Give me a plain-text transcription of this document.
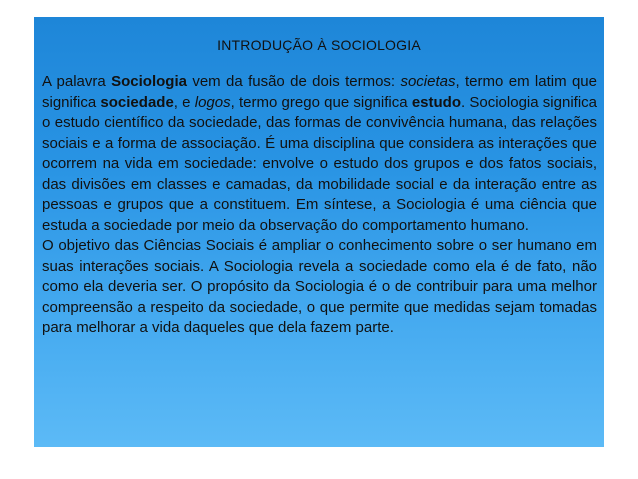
INTRODUÇÃO À SOCIOLOGIA

A palavra Sociologia vem da fusão de dois termos: societas, termo em latim que significa sociedade, e logos, termo grego que significa estudo. Sociologia significa o estudo científico da sociedade, das formas de convivência humana, das relações sociais e a forma de associação. É uma disciplina que considera as interações que ocorrem na vida em sociedade: envolve o estudo dos grupos e dos fatos sociais, das divisões em classes e camadas, da mobilidade social e da interação entre as pessoas e grupos que a constituem. Em síntese, a Sociologia é uma ciência que estuda a sociedade por meio da observação do comportamento humano.

O objetivo das Ciências Sociais é ampliar o conhecimento sobre o ser humano em suas interações sociais. A Sociologia revela a sociedade como ela é de fato, não como ela deveria ser. O propósito da Sociologia é o de contribuir para uma melhor compreensão a respeito da sociedade, o que permite que medidas sejam tomadas para melhorar a vida daqueles que dela fazem parte.
